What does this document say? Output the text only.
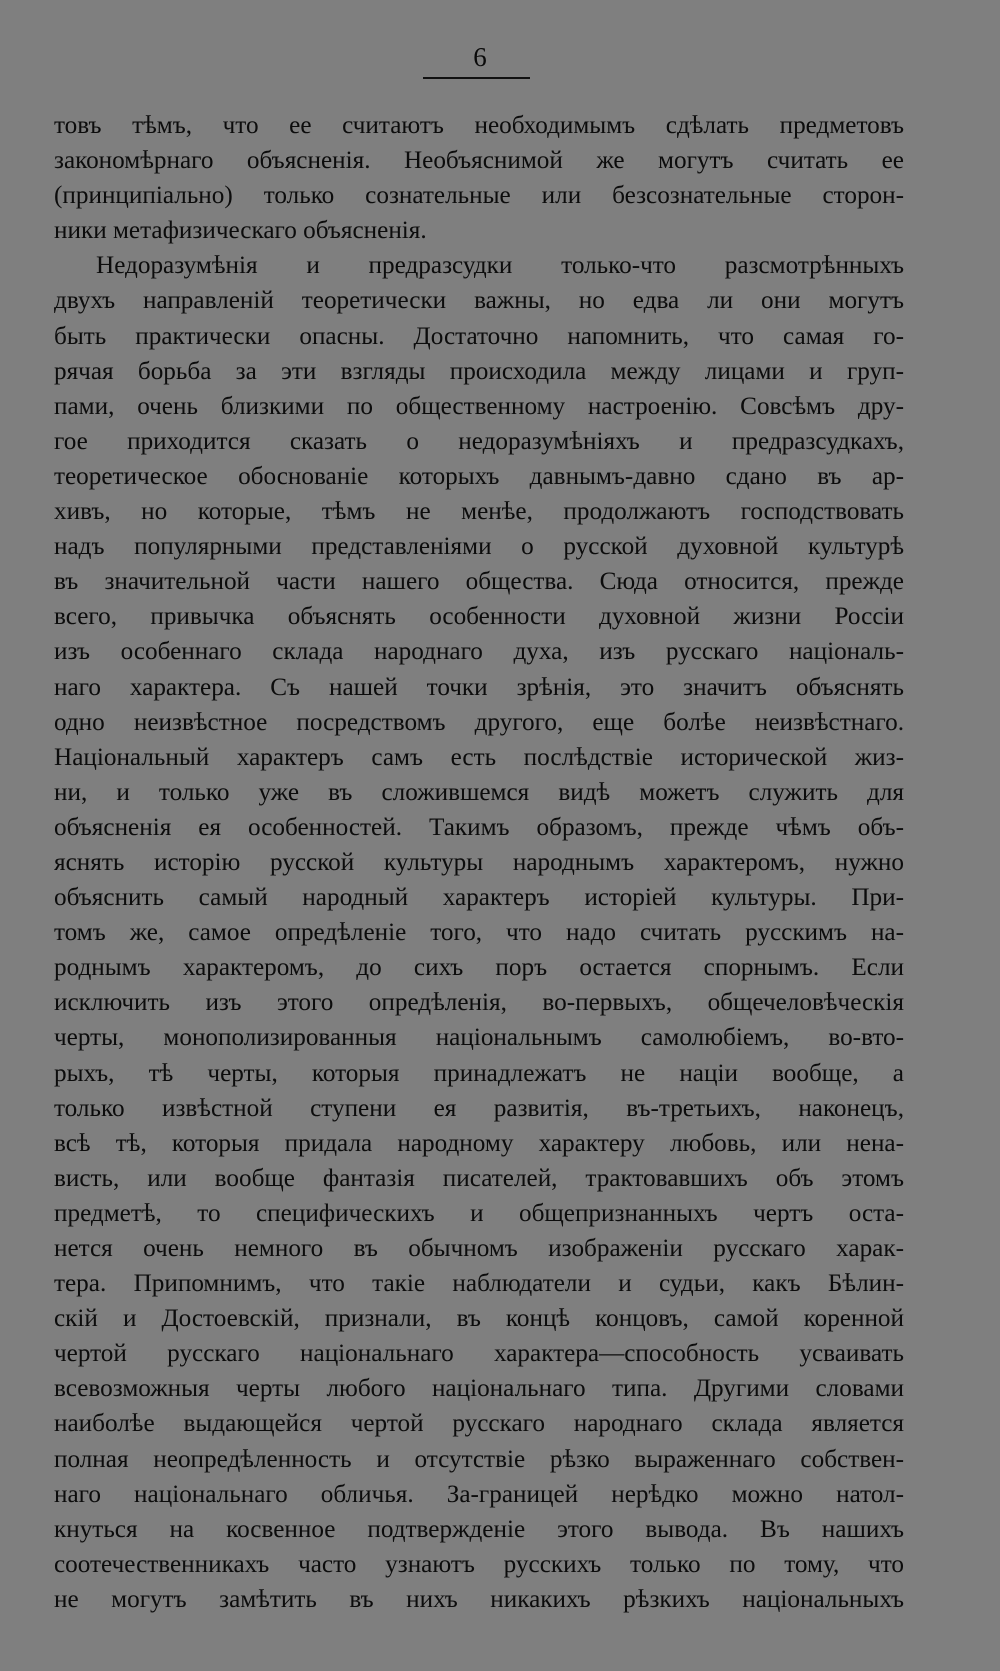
6
товъ тѣмъ, что ее считаютъ необходимымъ сдѣлать предметовъ
закономѣрнаго объясненія. Необъяснимой же могутъ считать ее
(принципіально) только сознательные или безсознательные сторон-
ники метафизическаго объясненія.
Недоразумѣнія и предразсудки только-что разсмотрѣнныхъ
двухъ направленій теоретически важны, но едва ли они могутъ
быть практически опасны. Достаточно напомнить, что самая го-
рячая борьба за эти взгляды происходила между лицами и груп-
пами, очень близкими по общественному настроенію. Совсѣмъ дру-
гое приходится сказать о недоразумѣніяхъ и предразсудкахъ,
теоретическое обоснованіе которыхъ давнымъ-давно сдано въ ар-
хивъ, но которые, тѣмъ не менѣе, продолжаютъ господствовать
надъ популярными представленіями о русской духовной культурѣ
въ значительной части нашего общества. Сюда относится, прежде
всего, привычка объяснять особенности духовной жизни Россіи
изъ особеннаго склада народнаго духа, изъ русскаго національ-
наго характера. Съ нашей точки зрѣнія, это значитъ объяснять
одно неизвѣстное посредствомъ другого, еще болѣе неизвѣстнаго.
Національный характеръ самъ есть послѣдствіе исторической жиз-
ни, и только уже въ сложившемся видѣ можетъ служить для
объясненія ея особенностей. Такимъ образомъ, прежде чѣмъ объ-
яснять исторію русской культуры народнымъ характеромъ, нужно
объяснить самый народный характеръ исторіей культуры. При-
томъ же, самое опредѣленіе того, что надо считать русскимъ на-
роднымъ характеромъ, до сихъ поръ остается спорнымъ. Если
исключить изъ этого опредѣленія, во-первыхъ, общечеловѣческія
черты, монополизированныя національнымъ самолюбіемъ, во-вто-
рыхъ, тѣ черты, которыя принадлежатъ не націи вообще, а
только извѣстной ступени ея развитія, въ-третьихъ, наконецъ,
всѣ тѣ, которыя придала народному характеру любовь, или нена-
висть, или вообще фантазія писателей, трактовавшихъ объ этомъ
предметѣ, то специфическихъ и общепризнанныхъ чертъ оста-
нется очень немного въ обычномъ изображеніи русскаго харак-
тера. Припомнимъ, что такіе наблюдатели и судьи, какъ Бѣлин-
скій и Достоевскій, признали, въ концѣ концовъ, самой коренной
чертой русскаго національнаго характера—способность усваивать
всевозможныя черты любого національнаго типа. Другими словами
наиболѣе выдающейся чертой русскаго народнаго склада является
полная неопредѣленность и отсутствіе рѣзко выраженнаго собствен-
наго національнаго обличья. За-границей нерѣдко можно натол-
кнуться на косвенное подтвержденіе этого вывода. Въ нашихъ
соотечественникахъ часто узнаютъ русскихъ только по тому, что
не могутъ замѣтить въ нихъ никакихъ рѣзкихъ національныхъ
